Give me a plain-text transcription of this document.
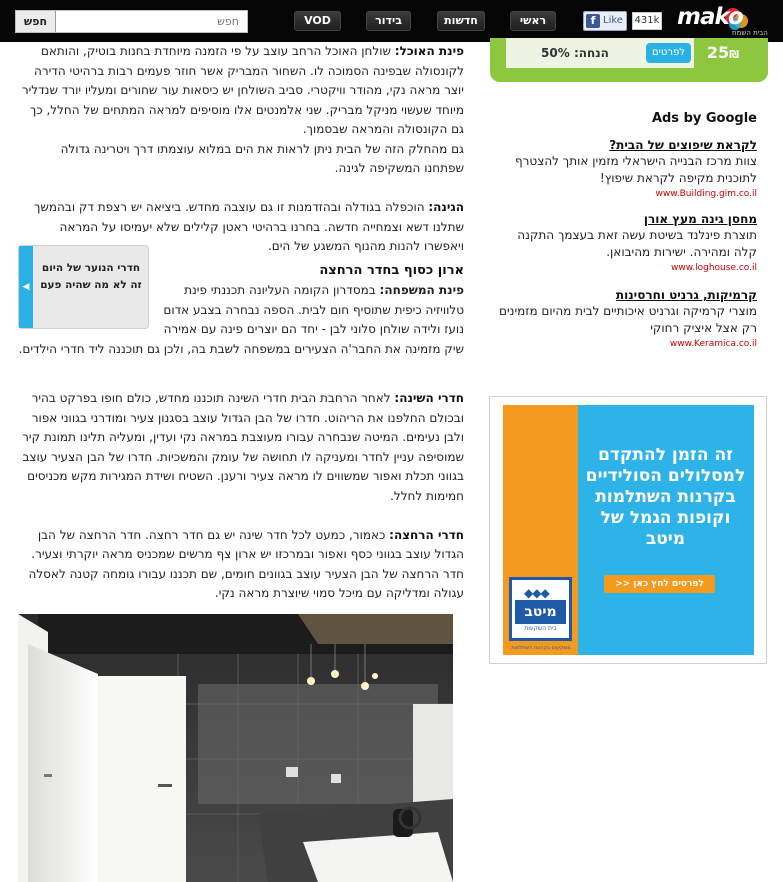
חפש
חפש	VOD	בידור	חדשות	ראשי	f Like	431k mako
הבית השמח
הנחה: 50%	לפרטים	25₪
Ads by Google
לקראת שיפוצים של הבית?
צוות מרכז הבנייה הישראלי מזמין אותך להצטרף לתוכנית מקיפה לקראת שיפוץ!
www.Building.gim.co.il
מחסן גינה מעץ אורן
תוצרת פינלנד בשיטת עשה זאת בעצמך התקנה קלה ומהירה. ישירות מהיבואן.
www.loghouse.co.il
קרמיקות, גרניט וחרסינות
מוצרי קרמיקה וגרניט איכותיים לבית מהיום מזמינים רק אצל איציק רחוקי
www.Keramica.co.il
◆◆◆
מיטב
בית השקעות
משקיעים בקרנות השתלמות
זה הזמן להתקדם למסלולים הסולידיים בקרנות השתלמות וקופות הגמל של מיטב
לפרטים לחץ כאן <<
פינת האוכל: שולחן האוכל הרחב עוצב על פי הזמנה מיוחדת בחנות בוטיק, והותאם לקונסולה שבפינה הסמוכה לו. השחור המבריק אשר חוזר פעמים רבות ברהיטי הדירה יוצר מראה נקי, מהודר וויקטרי. סביב השולחן יש כיסאות עור שחורים ומעליו יורד שנדליר מיוחד שעשוי מניקל מבריק. שני אלמנטים אלו מוסיפים למראה המתחים של החלל, כך גם הקונסולה והמראה שבסמוך.
גם מהחלק הזה של הבית ניתן לראות את הים במלוא עוצמתו דרך ויטרינה גדולה שפתחנו המשקיפה לגינה.
הגינה: הוכפלה בגודלה ובהזדמנות זו גם עוצבה מחדש. ביציאה יש רצפת דק ובהמשך שתלנו דשא וצמחייה חדשה. בחרנו ברהיטי ראטן קלילים שלא יעמיסו על המראה ויאפשרו להנות מהנוף המשגע של הים.
◀
חדרי הנוער של היום זה לא מה שהיה פעם
ארון כסוף בחדר הרחצה
פינת המשפחה: במסדרון הקומה העליונה תכננתי פינת טלוויזיה כיפית שתוסיף חום לבית. הספה נבחרה בצבע אדום נועז ולידה שולחן סלוני לבן - יחד הם יוצרים פינה עם אמירה
שיק מזמינה את החבר'ה הצעירים במשפחה לשבת בה, ולכן גם תוכננה ליד חדרי הילדים.
חדרי השינה: לאחר הרחבת הבית חדרי השינה תוכננו מחדש, כולם חופו בפרקט בהיר ובכולם החלפנו את הריהוט. חדרו של הבן הגדול עוצב בסגנון צעיר ומודרני בגווני אפור ולבן נעימים. המיטה שנבחרה עבורו מעוצבת במראה נקי ועדין, ומעליה תלינו תמונת קיר שמוסיפה עניין לחדר ומעניקה לו תחושה של עומק והמשכיות. חדרו של הבן הצעיר עוצב בגווני תכלת ואפור שמשווים לו מראה צעיר ורענן. השטיח ושידת המגירות מקש מכניסים חמימות לחלל.
חדרי הרחצה: כאמור, כמעט לכל חדר שינה יש גם חדר רחצה. חדר הרחצה של הבן הגדול עוצב בגווני כסף ואפור ובמרכזו יש ארון צף מרשים שמכניס מראה יוקרתי וצעיר. חדר הרחצה של הבן הצעיר עוצב בגוונים חומים, שם תכננו עבורו גומחה קטנה לאסלה עגולה ומדליקה עם מיכל סמוי שיוצרת מראה נקי.
